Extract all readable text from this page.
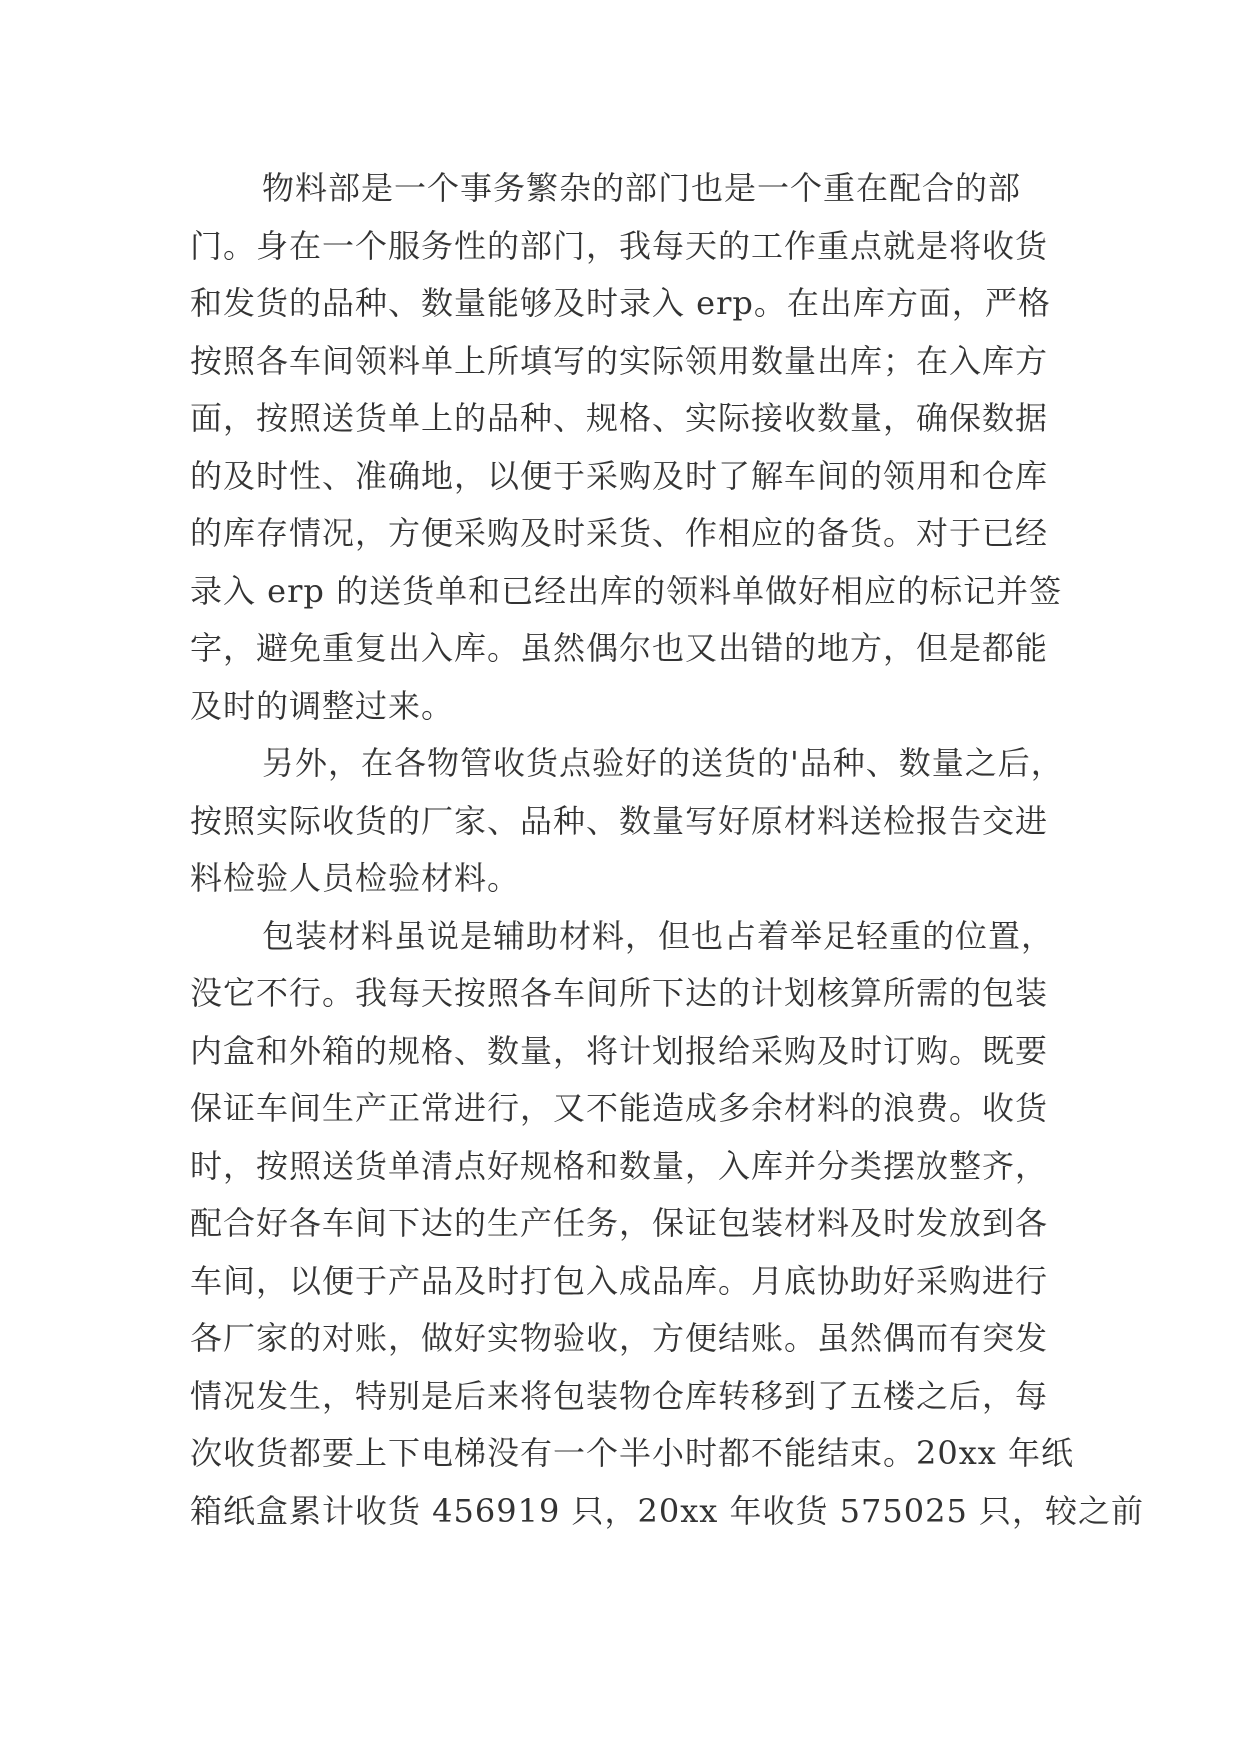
物料部是一个事务繁杂的部门也是一个重在配合的部
门。身在一个服务性的部门，我每天的工作重点就是将收货
和发货的品种、数量能够及时录入 erp。在出库方面，严格
按照各车间领料单上所填写的实际领用数量出库；在入库方
面，按照送货单上的品种、规格、实际接收数量，确保数据
的及时性、准确地，以便于采购及时了解车间的领用和仓库
的库存情况，方便采购及时采货、作相应的备货。对于已经
录入 erp 的送货单和已经出库的领料单做好相应的标记并签
字，避免重复出入库。虽然偶尔也又出错的地方，但是都能
及时的调整过来。
另外，在各物管收货点验好的送货的'品种、数量之后，
按照实际收货的厂家、品种、数量写好原材料送检报告交进
料检验人员检验材料。
包装材料虽说是辅助材料，但也占着举足轻重的位置，
没它不行。我每天按照各车间所下达的计划核算所需的包装
内盒和外箱的规格、数量，将计划报给采购及时订购。既要
保证车间生产正常进行，又不能造成多余材料的浪费。收货
时，按照送货单清点好规格和数量，入库并分类摆放整齐，
配合好各车间下达的生产任务，保证包装材料及时发放到各
车间，以便于产品及时打包入成品库。月底协助好采购进行
各厂家的对账，做好实物验收，方便结账。虽然偶而有突发
情况发生，特别是后来将包装物仓库转移到了五楼之后，每
次收货都要上下电梯没有一个半小时都不能结束。20xx 年纸
箱纸盒累计收货 456919 只，20xx 年收货 575025 只，较之前
